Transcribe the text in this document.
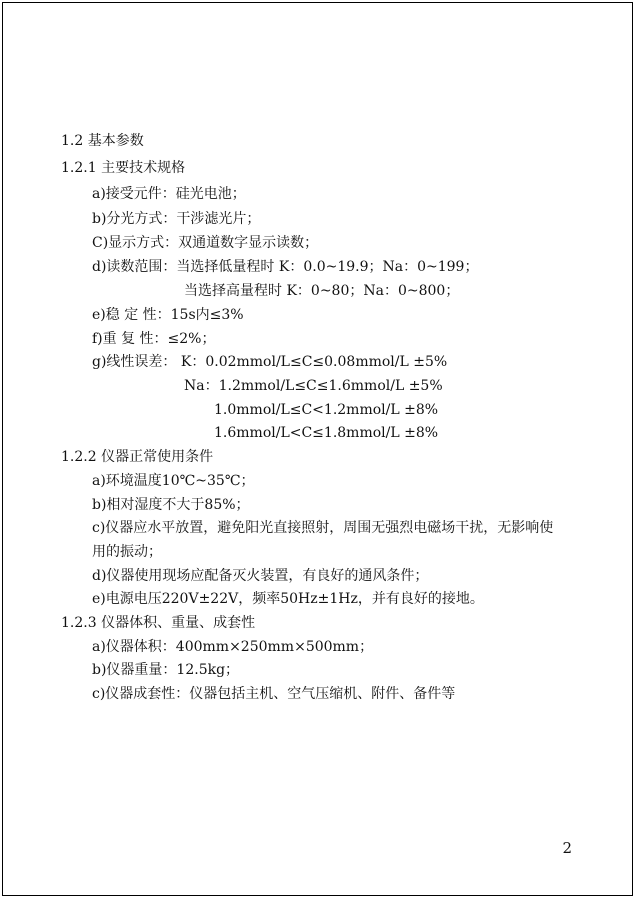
1.2 基本参数
1.2.1 主要技术规格
a)接受元件：硅光电池；
b)分光方式：干涉滤光片；
C)显示方式：双通道数字显示读数；
d)读数范围：当选择低量程时 K：0.0~19.9；Na：0~199；
当选择高量程时 K：0~80；Na：0~800；
e)稳 定 性：15s内≤3%
f)重 复 性：≤2%；
g)线性误差： K：0.02mmol/L≤C≤0.08mmol/L ±5%
Na：1.2mmol/L≤C≤1.6mmol/L ±5%
1.0mmol/L≤C<1.2mmol/L ±8%
1.6mmol/L<C≤1.8mmol/L ±8%
1.2.2 仪器正常使用条件
a)环境温度10℃~35℃；
b)相对湿度不大于85%；
c)仪器应水平放置，避免阳光直接照射，周围无强烈电磁场干扰，无影响使
用的振动；
d)仪器使用现场应配备灭火装置，有良好的通风条件；
e)电源电压220V±22V，频率50Hz±1Hz，并有良好的接地。
1.2.3 仪器体积、重量、成套性
a)仪器体积：400mm×250mm×500mm；
b)仪器重量：12.5kg；
c)仪器成套性：仪器包括主机、空气压缩机、附件、备件等
2
